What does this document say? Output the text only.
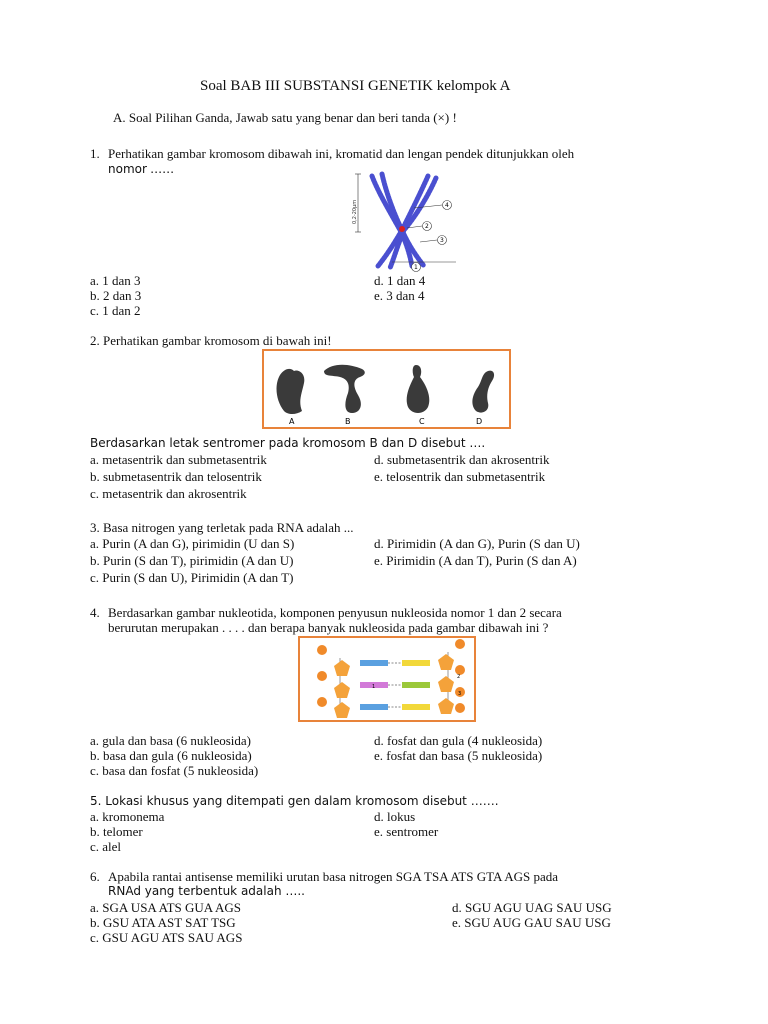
Soal BAB III SUBSTANSI GENETIK kelompok A
A. Soal Pilihan Ganda, Jawab satu yang benar dan beri tanda (×) !
1. Perhatikan gambar kromosom dibawah ini, kromatid dan lengan pendek ditunjukkan oleh
nomor ……
0,2-20μm	4
2
3
1
a. 1 dan 3
b. 2 dan 3
c. 1 dan 2
d. 1 dan 4
e. 3 dan 4
2. Perhatikan gambar kromosom di bawah ini!
A	B	C	D
Berdasarkan letak sentromer pada kromosom B dan D disebut ….
a. metasentrik dan submetasentrik
b. submetasentrik dan telosentrik
c. metasentrik dan akrosentrik
d. submetasentrik dan akrosentrik
e. telosentrik dan submetasentrik
3. Basa nitrogen yang terletak pada RNA adalah ...
a. Purin (A dan G), pirimidin (U dan S)
b. Purin (S dan T), pirimidin (A dan U)
c. Purin (S dan U), Pirimidin (A dan T)
d. Pirimidin (A dan G), Purin (S dan U)
e. Pirimidin (A dan T), Purin (S dan A)
4. Berdasarkan gambar nukleotida, komponen penyusun nukleosida nomor 1 dan 2 secara
berurutan merupakan . . . . dan berapa banyak nukleosida pada gambar dibawah ini ?
1
2
3
a. gula dan basa (6 nukleosida)
b. basa dan gula (6 nukleosida)
c. basa dan fosfat (5 nukleosida)
d. fosfat dan gula (4 nukleosida)
e. fosfat dan basa (5 nukleosida)
5. Lokasi khusus yang ditempati gen dalam kromosom disebut …….
a. kromonema
b. telomer
c. alel
d. lokus
e. sentromer
6. Apabila rantai antisense memiliki urutan basa nitrogen SGA TSA ATS GTA AGS pada
RNAd yang terbentuk adalah …..
a. SGA USA ATS GUA AGS
b. GSU ATA AST SAT TSG
c. GSU AGU ATS SAU AGS
d. SGU AGU UAG SAU USG
e. SGU AUG GAU SAU USG
